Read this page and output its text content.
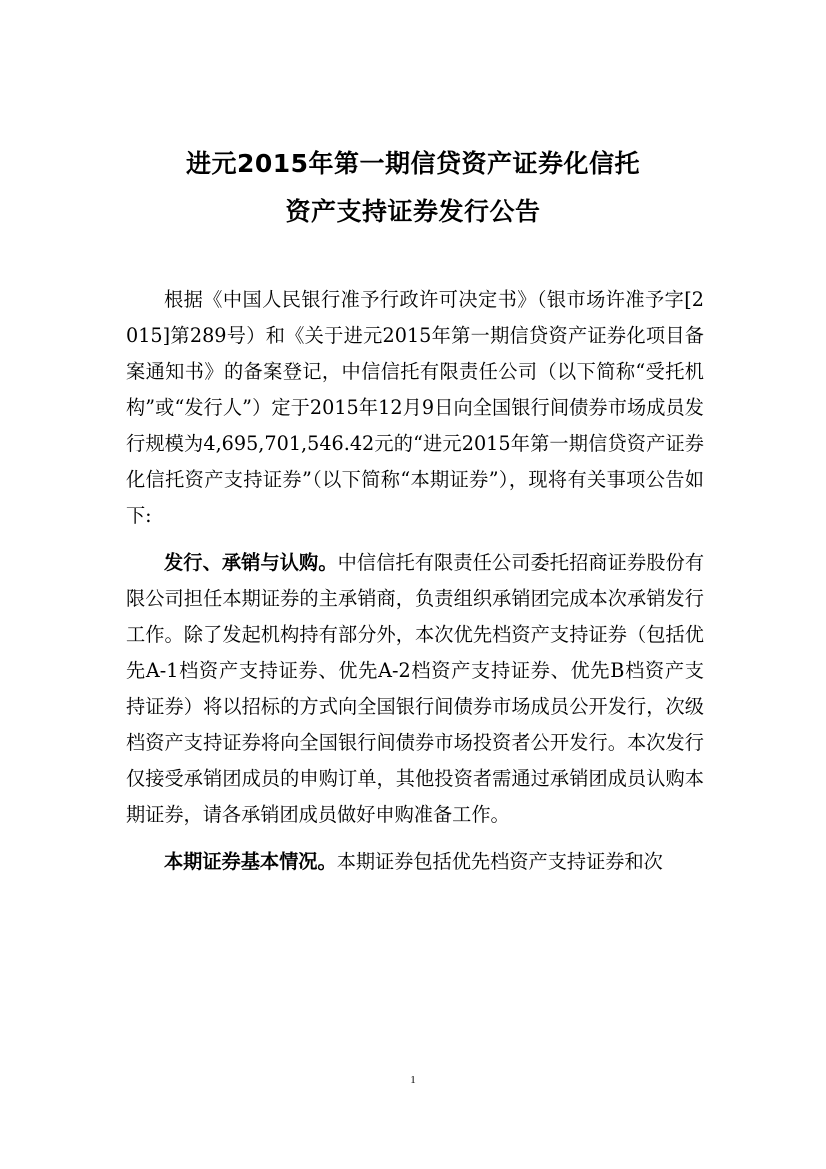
进元2015年第一期信贷资产证券化信托
资产支持证券发行公告

根据《中国人民银行准予行政许可决定书》（银市场许准予字[2015]第289号）和《关于进元2015年第一期信贷资产证券化项目备案通知书》的备案登记，中信信托有限责任公司（以下简称“受托机构”或“发行人”）定于2015年12月9日向全国银行间债券市场成员发行规模为4,695,701,546.42元的“进元2015年第一期信贷资产证券化信托资产支持证券”（以下简称“本期证券”），现将有关事项公告如下:

发行、承销与认购。中信信托有限责任公司委托招商证券股份有限公司担任本期证券的主承销商，负责组织承销团完成本次承销发行工作。除了发起机构持有部分外，本次优先档资产支持证券（包括优先A-1档资产支持证券、优先A-2档资产支持证券、优先B档资产支持证券）将以招标的方式向全国银行间债券市场成员公开发行，次级档资产支持证券将向全国银行间债券市场投资者公开发行。本次发行仅接受承销团成员的申购订单，其他投资者需通过承销团成员认购本期证券，请各承销团成员做好申购准备工作。

本期证券基本情况。本期证券包括优先档资产支持证券和次

1
